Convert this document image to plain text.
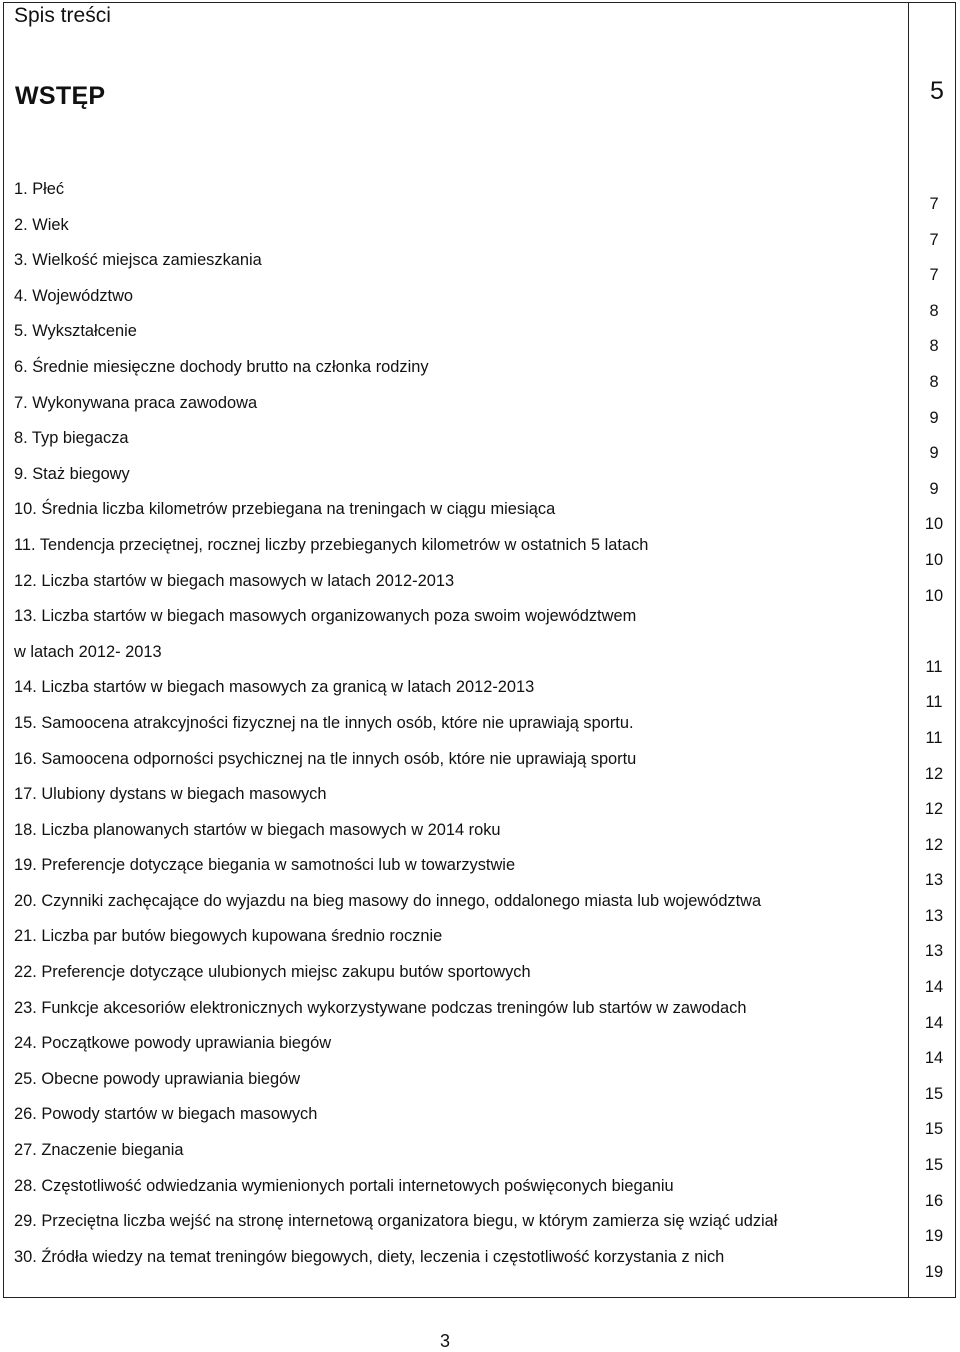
Spis treści
WSTĘP	5
1. Płeć
2. Wiek
3. Wielkość miejsca zamieszkania
4. Województwo
5. Wykształcenie
6. Średnie miesięczne dochody brutto na członka rodziny
7. Wykonywana praca zawodowa
8. Typ biegacza
9. Staż biegowy
10. Średnia liczba kilometrów przebiegana na treningach w ciągu miesiąca
11. Tendencja przeciętnej, rocznej liczby przebieganych kilometrów w ostatnich 5 latach
12. Liczba startów w biegach masowych w latach 2012-2013
13. Liczba startów w biegach masowych organizowanych poza swoim województwem
w latach 2012- 2013
14. Liczba startów w biegach masowych za granicą w latach 2012-2013
15. Samoocena atrakcyjności fizycznej na tle innych osób, które nie uprawiają sportu.
16. Samoocena odporności psychicznej na tle innych osób, które nie uprawiają sportu
17. Ulubiony dystans w biegach masowych
18. Liczba planowanych startów w biegach masowych w 2014 roku
19. Preferencje dotyczące biegania w samotności lub w towarzystwie
20. Czynniki zachęcające do wyjazdu na bieg masowy do innego, oddalonego miasta lub województwa
21. Liczba par butów biegowych kupowana średnio rocznie
22. Preferencje dotyczące ulubionych miejsc zakupu butów sportowych
23. Funkcje akcesoriów elektronicznych wykorzystywane podczas treningów lub startów w zawodach
24. Początkowe powody uprawiania biegów
25. Obecne powody uprawiania biegów
26. Powody startów w biegach masowych
27. Znaczenie biegania
28. Częstotliwość odwiedzania wymienionych portali internetowych poświęconych bieganiu
29. Przeciętna liczba wejść na stronę internetową organizatora biegu, w którym zamierza się wziąć udział
30. Źródła wiedzy na temat treningów biegowych, diety, leczenia i częstotliwość korzystania z nich
7
7
7
8
8
8
9
9
9
10
10
10

11
11
11
12
12
12
13
13
13
14
14
14
15
15
15
16
19
19
3
